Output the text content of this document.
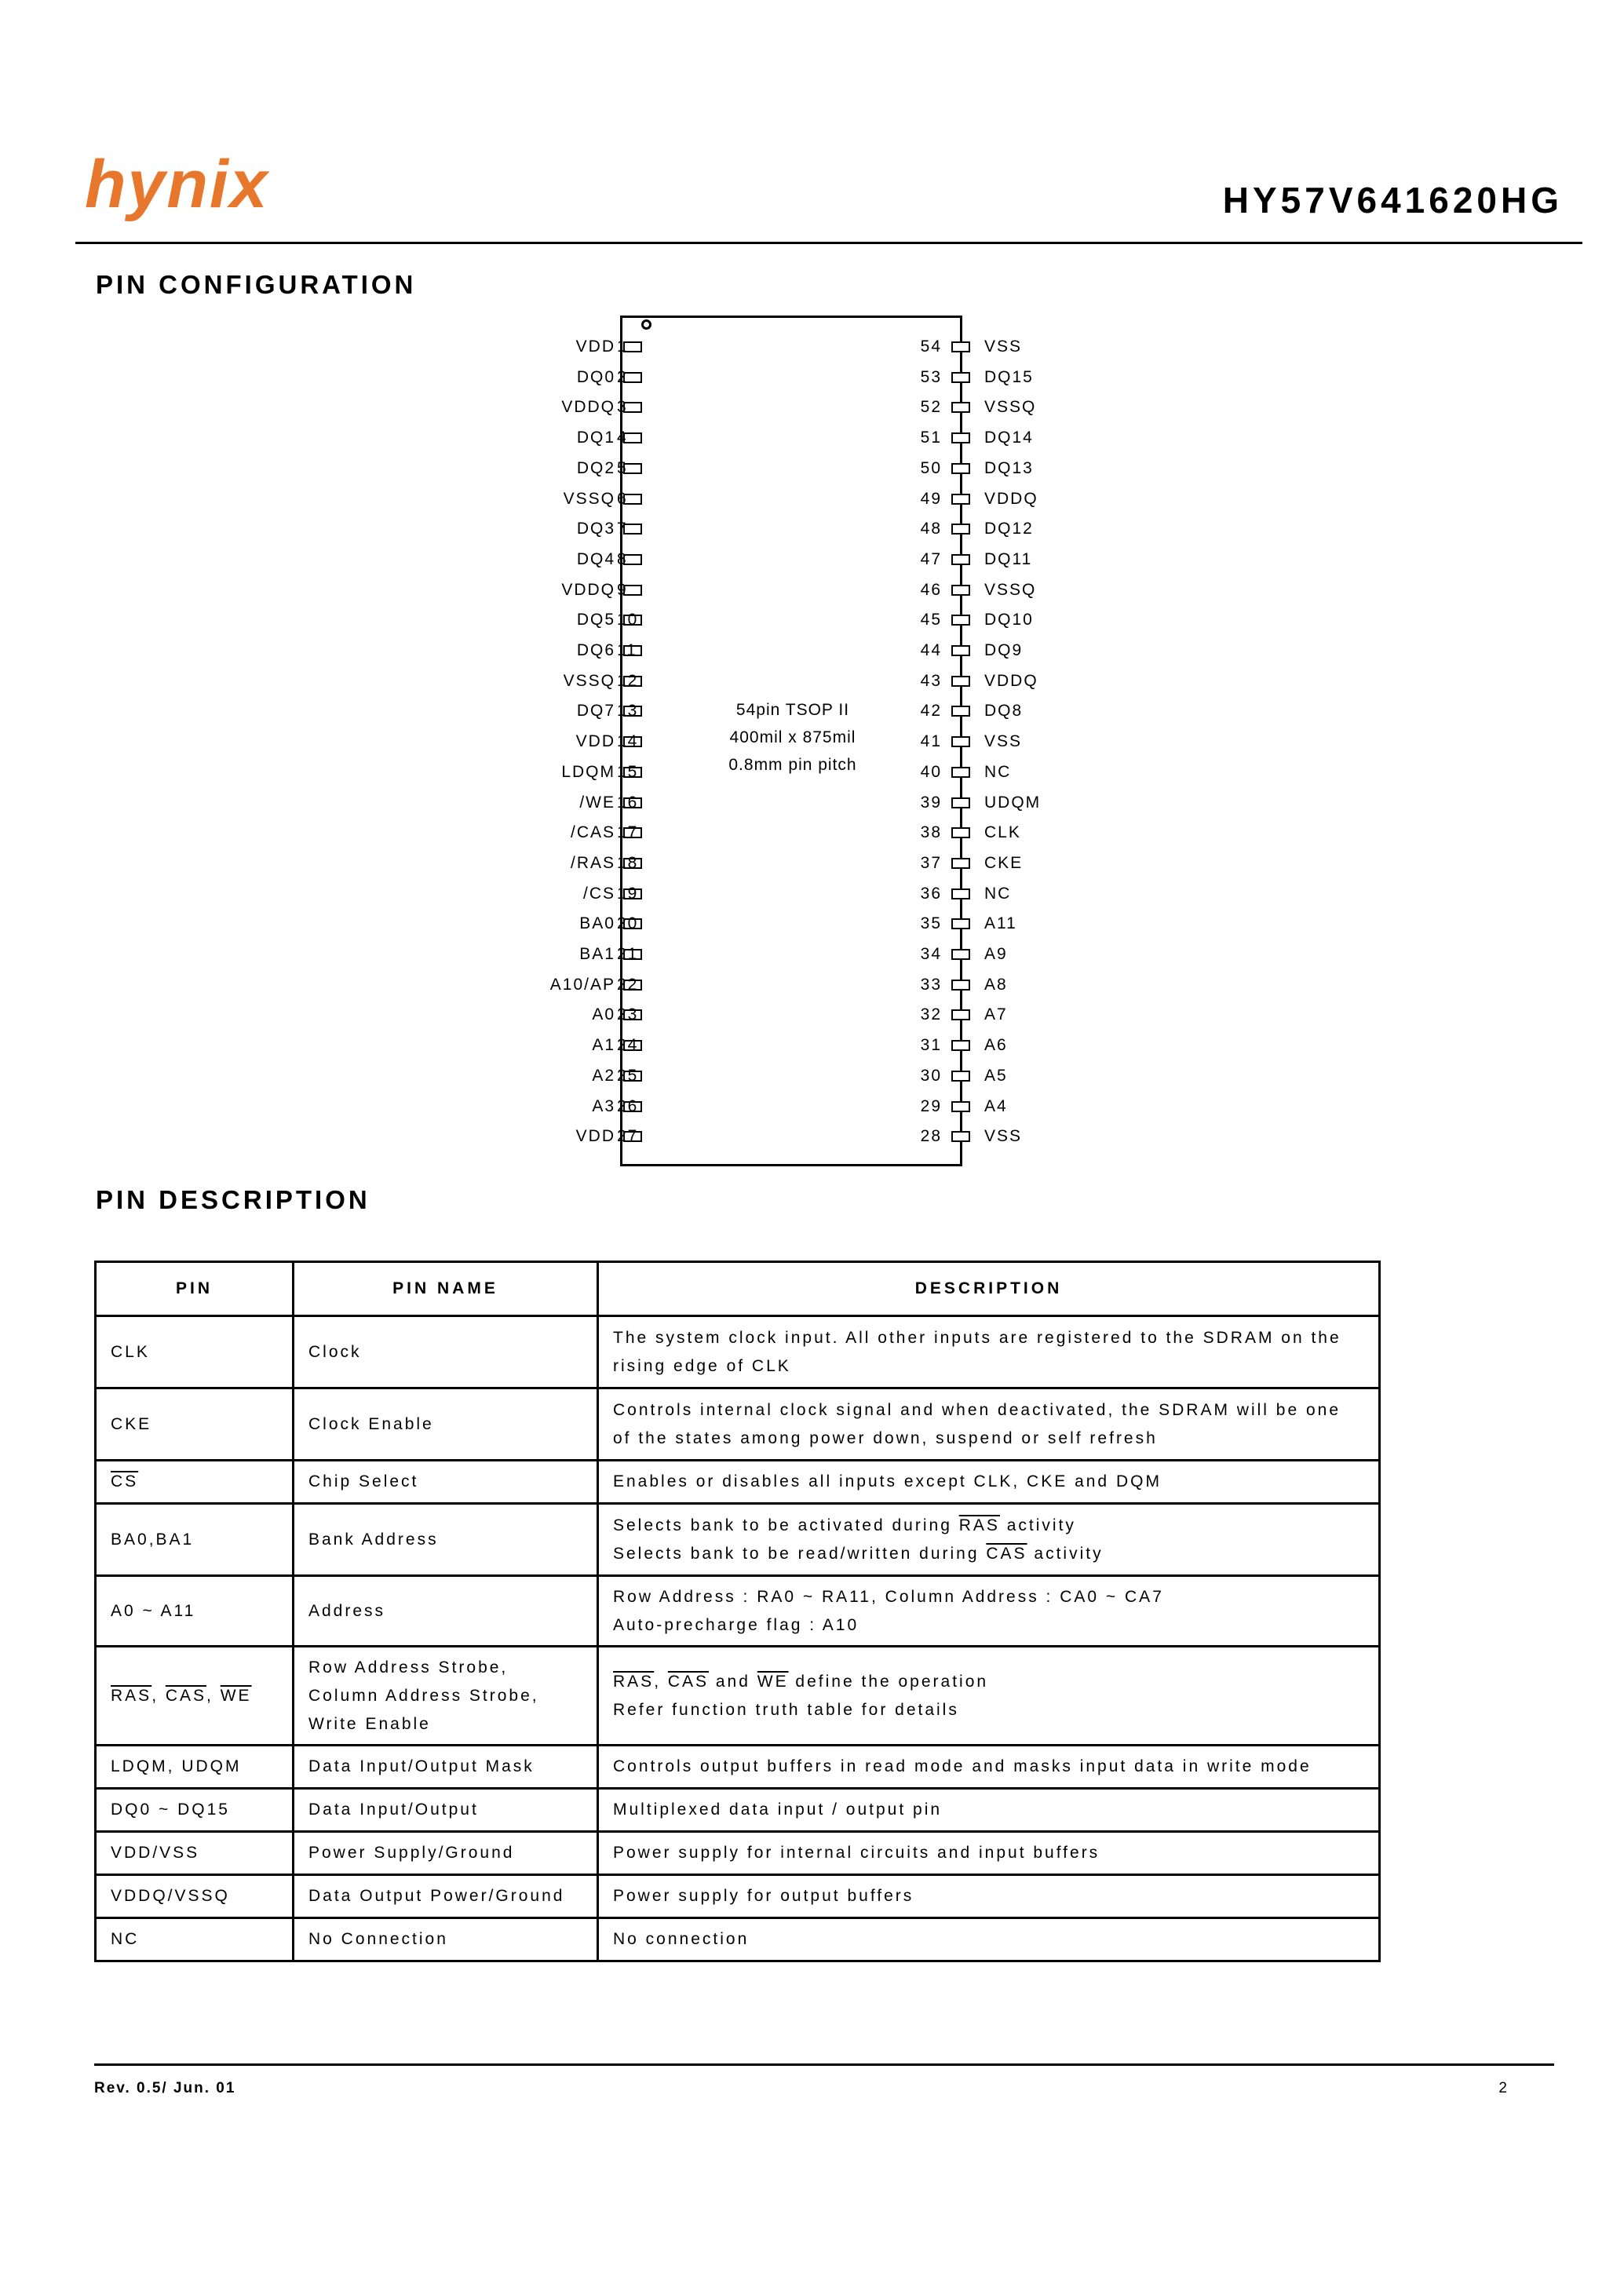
hynix	HY57V641620HG
PIN CONFIGURATION
54pin TSOP II
400mil x 875mil
0.8mm pin pitch
VDD 1
DQ0 2
VDDQ 3
DQ1 4
DQ2 5
VSSQ 6
DQ3 7
DQ4 8
VDDQ 9
DQ5 10
DQ6 11
VSSQ 12
DQ7 13
VDD 14
LDQM 15
/WE 16
/CAS 17
/RAS 18
/CS 19
BA0 20
BA1 21
A10/AP 22
A0 23
A1 24
A2 25
A3 26
VDD 27
54	VSS
53	DQ15
52	VSSQ
51	DQ14
50	DQ13
49	VDDQ
48	DQ12
47	DQ11
46	VSSQ
45	DQ10
44	DQ9
43	VDDQ
42	DQ8
41	VSS
40	NC
39	UDQM
38	CLK
37	CKE
36	NC
35	A11
34	A9
33	A8
32	A7
31	A6
30	A5
29	A4
28	VSS
PIN DESCRIPTION
PIN	PIN NAME	DESCRIPTION
CLK	Clock	The system clock input. All other inputs are registered to the SDRAM on the
rising edge of CLK
CKE	Clock Enable	Controls internal clock signal and when deactivated, the SDRAM will be one
of the states among power down, suspend or self refresh
$\overline{CS}$	Chip Select	Enables or disables all inputs except CLK, CKE and DQM
BA0,BA1	Bank Address	Selects bank to be activated during $\overline{RAS}$ activity
Selects bank to be read/written during $\overline{CAS}$ activity
A0 ~ A11	Address	Row Address : RA0 ~ RA11, Column Address : CA0 ~ CA7
Auto-precharge flag : A10
$\overline{RAS}$, $\overline{CAS}$, $\overline{WE}$	Row Address Strobe,
Column Address Strobe,
Write Enable	$\overline{RAS}$, $\overline{CAS}$ and $\overline{WE}$ define the operation
Refer function truth table for details
LDQM, UDQM	Data Input/Output Mask	Controls output buffers in read mode and masks input data in write mode
DQ0 ~ DQ15	Data Input/Output	Multiplexed data input / output pin
VDD/VSS	Power Supply/Ground	Power supply for internal circuits and input buffers
VDDQ/VSSQ	Data Output Power/Ground	Power supply for output buffers
NC	No Connection	No connection
Rev. 0.5/ Jun. 01	2
